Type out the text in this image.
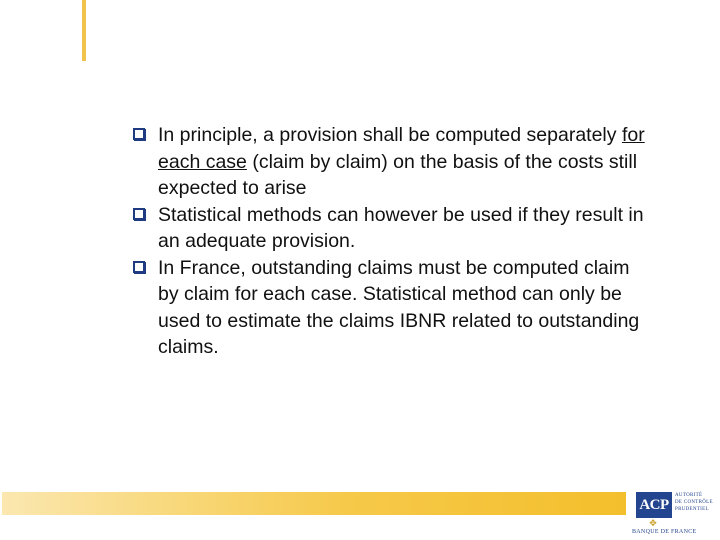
In principle, a provision shall be computed separately for each case (claim by claim) on the basis of the costs still expected to arise
Statistical methods can however be used if they result in an adequate provision.
In France, outstanding claims must be computed claim by claim for each case. Statistical method can only be used to estimate the claims IBNR related to outstanding claims.
ACP
AUTORITÉ
DE CONTRÔLE
PRUDENTIEL
✥
BANQUE DE FRANCE
